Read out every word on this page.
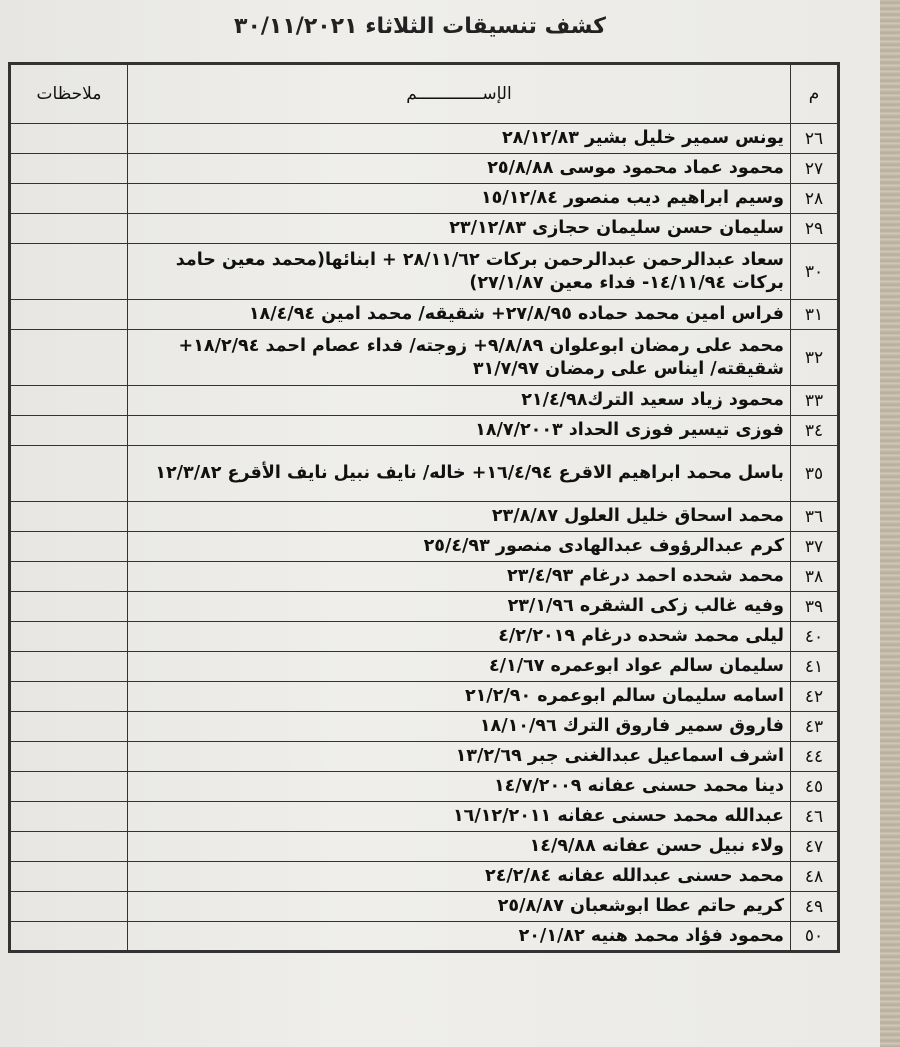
كشف تنسيقات الثلاثاء ٣٠/١١/٢٠٢١
م	الإســـــــــــــم	ملاحظات
٢٦	يونس سمير خليل بشير ٢٨/١٢/٨٣	
٢٧	محمود عماد محمود موسى ٢٥/٨/٨٨	
٢٨	وسيم ابراهيم ديب منصور ١٥/١٢/٨٤	
٢٩	سليمان حسن سليمان حجازى ٢٣/١٢/٨٣	
٣٠	سعاد عبدالرحمن عبدالرحمن بركات ٢٨/١١/٦٢ + ابنائها(محمد معين حامد بركات ١٤/١١/٩٤- فداء معين ٢٧/١/٨٧)	
٣١	فراس امين محمد حماده ٢٧/٨/٩٥+ شقيقه/ محمد امين ١٨/٤/٩٤	
٣٢	محمد على رمضان ابوعلوان ٩/٨/٨٩+ زوجته/ فداء عصام احمد ١٨/٢/٩٤+ شقيقته/ ايناس على رمضان ٣١/٧/٩٧	
٣٣	محمود زياد سعيد الترك٢١/٤/٩٨	
٣٤	فوزى تيسير فوزى الحداد ١٨/٧/٢٠٠٣	
٣٥	باسل محمد ابراهيم الاقرع ١٦/٤/٩٤+ خاله/ نايف نبيل نايف الأقرع ١٢/٣/٨٢	
٣٦	محمد اسحاق خليل العلول ٢٣/٨/٨٧	
٣٧	كرم عبدالرؤوف عبدالهادى منصور ٢٥/٤/٩٣	
٣٨	محمد شحده احمد درغام ٢٣/٤/٩٣	
٣٩	وفيه غالب زكى الشقره ٢٣/١/٩٦	
٤٠	ليلى محمد شحده درغام ٤/٢/٢٠١٩	
٤١	سليمان سالم عواد ابوعمره ٤/١/٦٧	
٤٢	اسامه سليمان سالم ابوعمره ٢١/٢/٩٠	
٤٣	فاروق سمير فاروق الترك ١٨/١٠/٩٦	
٤٤	اشرف اسماعيل عبدالغنى جبر ١٣/٢/٦٩	
٤٥	دينا محمد حسنى عفانه ١٤/٧/٢٠٠٩	
٤٦	عبدالله محمد حسنى عفانه ١٦/١٢/٢٠١١	
٤٧	ولاء نبيل حسن عفانه ١٤/٩/٨٨	
٤٨	محمد حسنى عبدالله عفانه ٢٤/٢/٨٤	
٤٩	كريم حاتم عطا ابوشعبان ٢٥/٨/٨٧	
٥٠	محمود فؤاد محمد هنيه ٢٠/١/٨٢	
